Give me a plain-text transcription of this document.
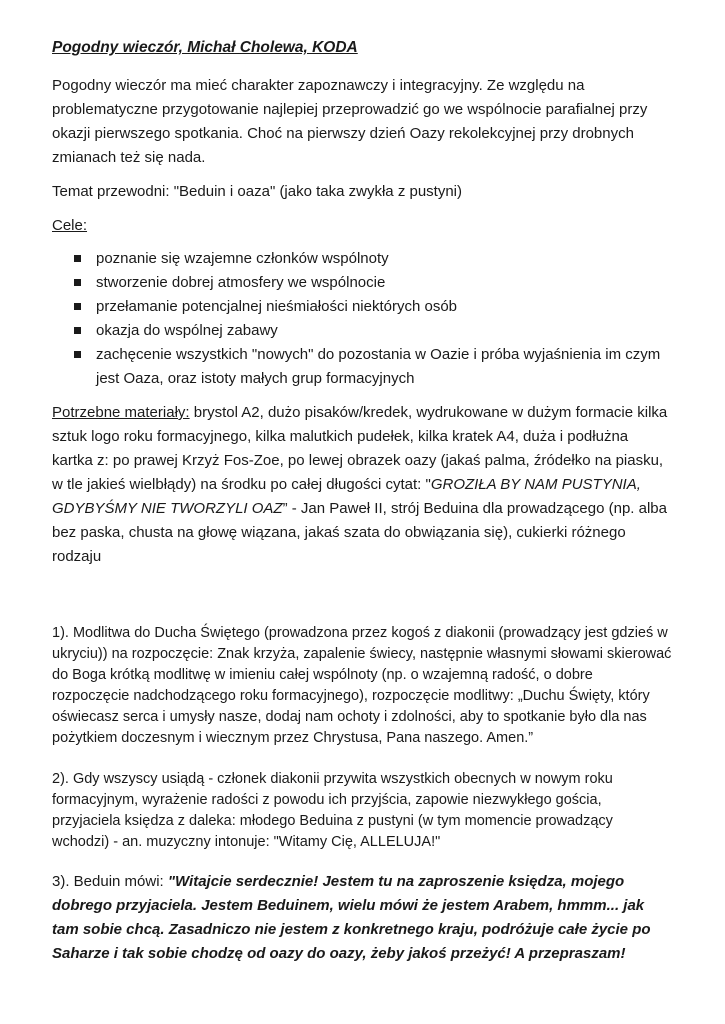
Pogodny wieczór, Michał Cholewa, KODA

Pogodny wieczór ma mieć charakter zapoznawczy i integracyjny. Ze względu na problematyczne przygotowanie najlepiej przeprowadzić go we wspólnocie parafialnej przy okazji pierwszego spotkania. Choć na pierwszy dzień Oazy rekolekcyjnej przy drobnych zmianach też się nada.

Temat przewodni: "Beduin i oaza" (jako taka zwykła z pustyni)

Cele:

poznanie się wzajemne członków wspólnoty
stworzenie dobrej atmosfery we wspólnocie
przełamanie potencjalnej nieśmiałości niektórych osób
okazja do wspólnej zabawy
zachęcenie wszystkich "nowych" do pozostania w Oazie i próba wyjaśnienia im czym jest Oaza, oraz istoty małych grup formacyjnych

Potrzebne materiały: brystol A2, dużo pisaków/kredek, wydrukowane w dużym formacie kilka sztuk logo roku formacyjnego, kilka malutkich pudełek, kilka kratek A4, duża i podłużna kartka z: po prawej Krzyż Fos-Zoe, po lewej obrazek oazy (jakaś palma, źródełko na piasku, w tle jakieś wielbłądy) na środku po całej długości cytat: "GROZIŁA BY NAM PUSTYNIA, GDYBYŚMY NIE TWORZYLI OAZ” - Jan Paweł II, strój Beduina dla prowadzącego (np. alba bez paska, chusta na głowę wiązana, jakaś szata do obwiązania się), cukierki różnego rodzaju

1). Modlitwa do Ducha Świętego (prowadzona przez kogoś z diakonii (prowadzący jest gdzieś w ukryciu)) na rozpoczęcie: Znak krzyża, zapalenie świecy, następnie własnymi słowami skierować do Boga krótką modlitwę w imieniu całej wspólnoty (np. o wzajemną radość, o dobre rozpoczęcie nadchodzącego roku formacyjnego), rozpoczęcie modlitwy: „Duchu Święty, który oświecasz serca i umysły nasze, dodaj nam ochoty i zdolności, aby to spotkanie było dla nas pożytkiem doczesnym i wiecznym przez Chrystusa, Pana naszego. Amen.”

2). Gdy wszyscy usiądą - członek diakonii przywita wszystkich obecnych w nowym roku formacyjnym, wyrażenie radości z powodu ich przyjścia, zapowie niezwykłego gościa, przyjaciela księdza z daleka: młodego Beduina z pustyni (w tym momencie prowadzący wchodzi) - an. muzyczny intonuje: "Witamy Cię, ALLELUJA!"

3). Beduin mówi: "Witajcie serdecznie! Jestem tu na zaproszenie księdza, mojego dobrego przyjaciela. Jestem Beduinem, wielu mówi że jestem Arabem, hmmm... jak tam sobie chcą. Zasadniczo nie jestem z konkretnego kraju, podróżuje całe życie po Saharze i tak sobie chodzę od oazy do oazy, żeby jakoś przeżyć! A przepraszam!
